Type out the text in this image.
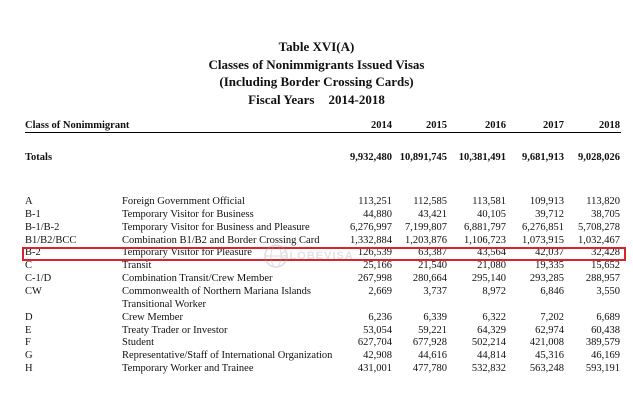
Table XVI(A)
Classes of Nonimmigrants Issued Visas
(Including Border Crossing Cards)
Fiscal Years 2014-2018
Class of Nonimmigrant	2014	2015	2016	2017	2018
Totals	9,932,480 10,891,745	10,381,491	9,681,913	9,028,026
A	Foreign Government Official	113,251	112,585	113,581	109,913	113,820
B-1	Temporary Visitor for Business	44,880	43,421	40,105	39,712	38,705
B-1/B-2	Temporary Visitor for Business and Pleasure	6,276,997	7,199,807	6,881,797	6,276,851	5,708,278
B1/B2/BCC	Combination B1/B2 and Border Crossing Card	1,332,884	1,203,876	1,106,723	1,073,915	1,032,467
B-2	Temporary Visitor for Pleasure	126,539	63,387	43,564	42,037	32,428
C	Transit	25,166	21,540	21,080	19,335	15,652
C-1/D	Combination Transit/Crew Member	267,998	280,664	295,140	293,285	288,957
CW	Commonwealth of Northern Mariana Islands	2,669	3,737	8,972	6,846	3,550
Transitional Worker
D	Crew Member	6,236	6,339	6,322	7,202	6,689
E	Treaty Trader or Investor	53,054	59,221	64,329	62,974	60,438
F	Student	627,704	677,928	502,214	421,008	389,579
G	Representative/Staff of International Organization	42,908	44,616	44,814	45,316	46,169
H	Temporary Worker and Trainee	431,001	477,780	532,832	563,248	593,191
GLOBEVISA
